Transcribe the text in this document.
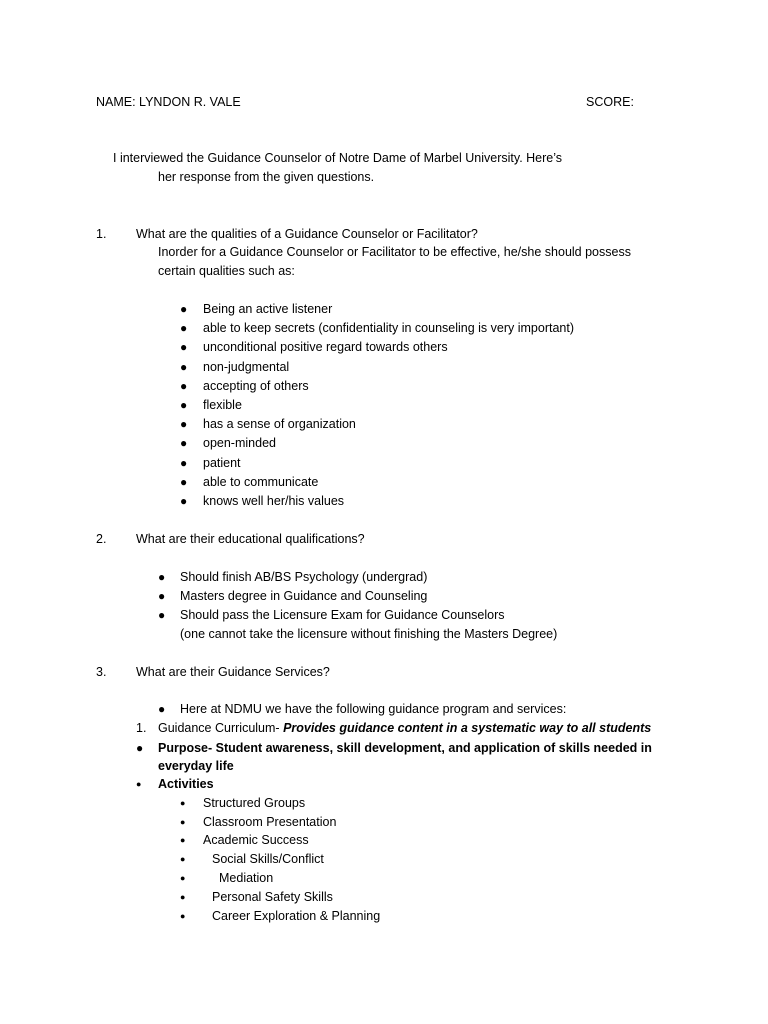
NAME: LYNDON R. VALE	SCORE:
I interviewed the Guidance Counselor of Notre Dame of Marbel University. Here’s
her response from the given questions.
1. What are the qualities of a Guidance Counselor or Facilitator?
Inorder for a Guidance Counselor or Facilitator to be effective, he/she should possess
certain qualities such as:
● Being an active listener
● able to keep secrets (confidentiality in counseling is very important)
● unconditional positive regard towards others
● non-judgmental
● accepting of others
● flexible
● has a sense of organization
● open-minded
● patient
● able to communicate
● knows well her/his values
2. What are their educational qualifications?
● Should finish AB/BS Psychology (undergrad)
● Masters degree in Guidance and Counseling
● Should pass the Licensure Exam for Guidance Counselors
(one cannot take the licensure without finishing the Masters Degree)
3. What are their Guidance Services?
● Here at NDMU we have the following guidance program and services:
1. Guidance Curriculum- Provides guidance content in a systematic way to all students
● Purpose- Student awareness, skill development, and application of skills needed in
everyday life
● Activities
● Structured Groups
● Classroom Presentation
● Academic Success
● Social Skills/Conflict
●	Mediation
● Personal Safety Skills
● Career Exploration & Planning
